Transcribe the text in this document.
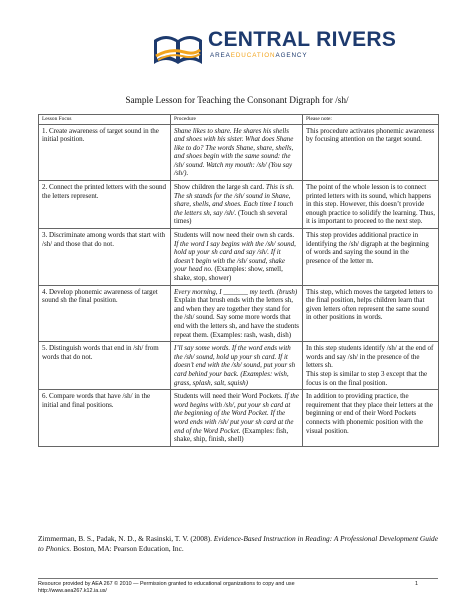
CENTRAL RIVERS
AREAEDUCATIONAGENCY
Sample Lesson for Teaching the Consonant Digraph for /sh/
Lesson Focus	Procedure	Please note:
1. Create awareness of target sound in the initial position.	Shane likes to share. He shares his shells and shoes with his sister. What does Shane like to do? The words Shane, share, shells, and shoes begin with the same sound: the /sh/ sound. Watch my mouth: /sh/ (You say /sh/).	This procedure activates phonemic awareness by focusing attention on the target sound.
2. Connect the printed letters with the sound the letters represent.	Show children the large sh card. This is sh. The sh stands for the /sh/ sound in Shane, share, shells, and shoes. Each time I touch the letters sh, say /sh/. (Touch sh several times)	The point of the whole lesson is to connect printed letters with its sound, which happens in this step. However, this doesn’t provide enough practice to solidify the learning. Thus, it is important to proceed to the next step.
3. Discriminate among words that start with /sh/ and those that do not.	Students will now need their own sh cards. If the word I say begins with the /sh/ sound, hold up your sh card and say /sh/. If it doesn’t begin with the /sh/ sound, shake your head no. (Examples: show, smell, shake, stop, shower)	This step provides additional practice in identifying the /sh/ digraph at the beginning of words and saying the sound in the presence of the letter m.
4. Develop phonemic awareness of target sound sh the final position.	Every morning, I _______ my teeth. (brush) Explain that brush ends with the letters sh, and when they are together they stand for the /sh/ sound. Say some more words that end with the letters sh, and have the students repeat them. (Examples: rash, wash, dish)	This step, which moves the targeted letters to the final position, helps children learn that given letters often represent the same sound in other positions in words.
5. Distinguish words that end in /sh/ from words that do not.	I’ll say some words. If the word ends with the /sh/ sound, hold up your sh card. If it doesn’t end with the /sh/ sound, put your sh card behind your back. (Examples: wish, grass, splash, salt, squish)	In this step students identify /sh/ at the end of words and say /sh/ in the presence of the letters sh.
This step is similar to step 3 except that the focus is on the final position.
6. Compare words that have /sh/ in the initial and final positions.	Students will need their Word Pockets. If the word begins with /sh/, put your sh card at the beginning of the Word Pocket. If the word ends with /sh/ put your sh card at the end of the Word Pocket. (Examples: fish, shake, ship, finish, shell)	In addition to providing practice, the requirement that they place their letters at the beginning or end of their Word Pockets connects with phonemic position with the visual position.
Zimmerman, B. S., Padak, N. D., & Rasinski, T. V. (2008). Evidence-Based Instruction in Reading: A Professional Development Guide to Phonics. Boston, MA: Pearson Education, Inc.
Resource provided by AEA 267 © 2010 — Permission granted to educational organizations to copy and use
http://www.aea267.k12.ia.us/
1
